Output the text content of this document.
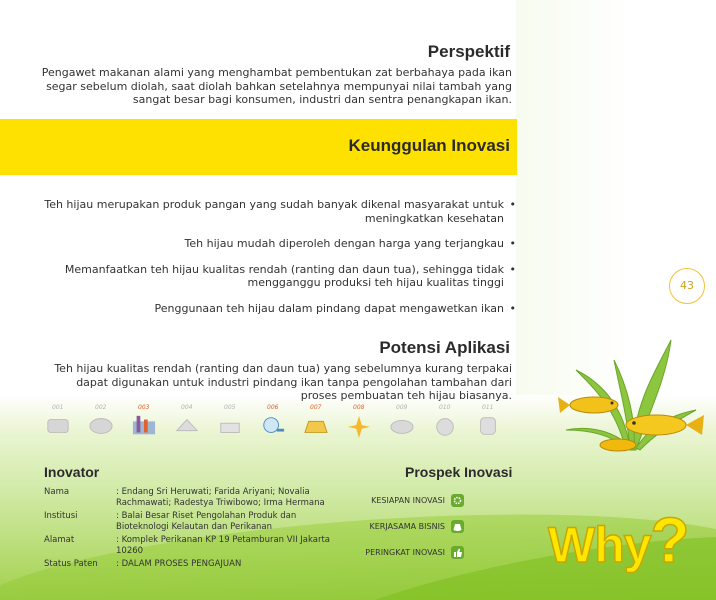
Perspektif
Pengawet makanan alami yang menghambat pembentukan zat berbahaya pada ikan segar sebelum diolah, saat diolah bahkan setelahnya mempunyai nilai tambah yang sangat besar bagi konsumen, industri dan sentra penangkapan ikan.
Keunggulan Inovasi
Teh hijau merupakan produk pangan yang sudah banyak dikenal masyarakat untuk meningkatkan kesehatan
•
Teh hijau mudah diperoleh dengan harga yang terjangkau •
Memanfaatkan teh hijau kualitas rendah (ranting dan daun tua), sehingga tidak mengganggu produksi teh hijau kualitas tinggi
•
Penggunaan teh hijau dalam pindang dapat mengawetkan ikan •
43
Potensi Aplikasi
Teh hijau kualitas rendah (ranting dan daun tua) yang sebelumnya kurang terpakai dapat digunakan untuk industri pindang ikan tanpa pengolahan tambahan dari proses pembuatan teh hijau biasanya.
001	002	003	004	005	006	007	008	009	010	011
Inovator
Nama	: Endang Sri Heruwati; Farida Ariyani; Novalia Rachmawati; Radestya Triwibowo; Irma Hermana
Institusi	: Balai Besar Riset Pengolahan Produk dan Bioteknologi Kelautan dan Perikanan
Alamat	: Komplek Perikanan KP 19 Petamburan VII Jakarta 10260
Status Paten	: DALAM PROSES PENGAJUAN
Prospek Inovasi
KESIAPAN INOVASI
KERJASAMA BISNIS
PERINGKAT INOVASI Why?
